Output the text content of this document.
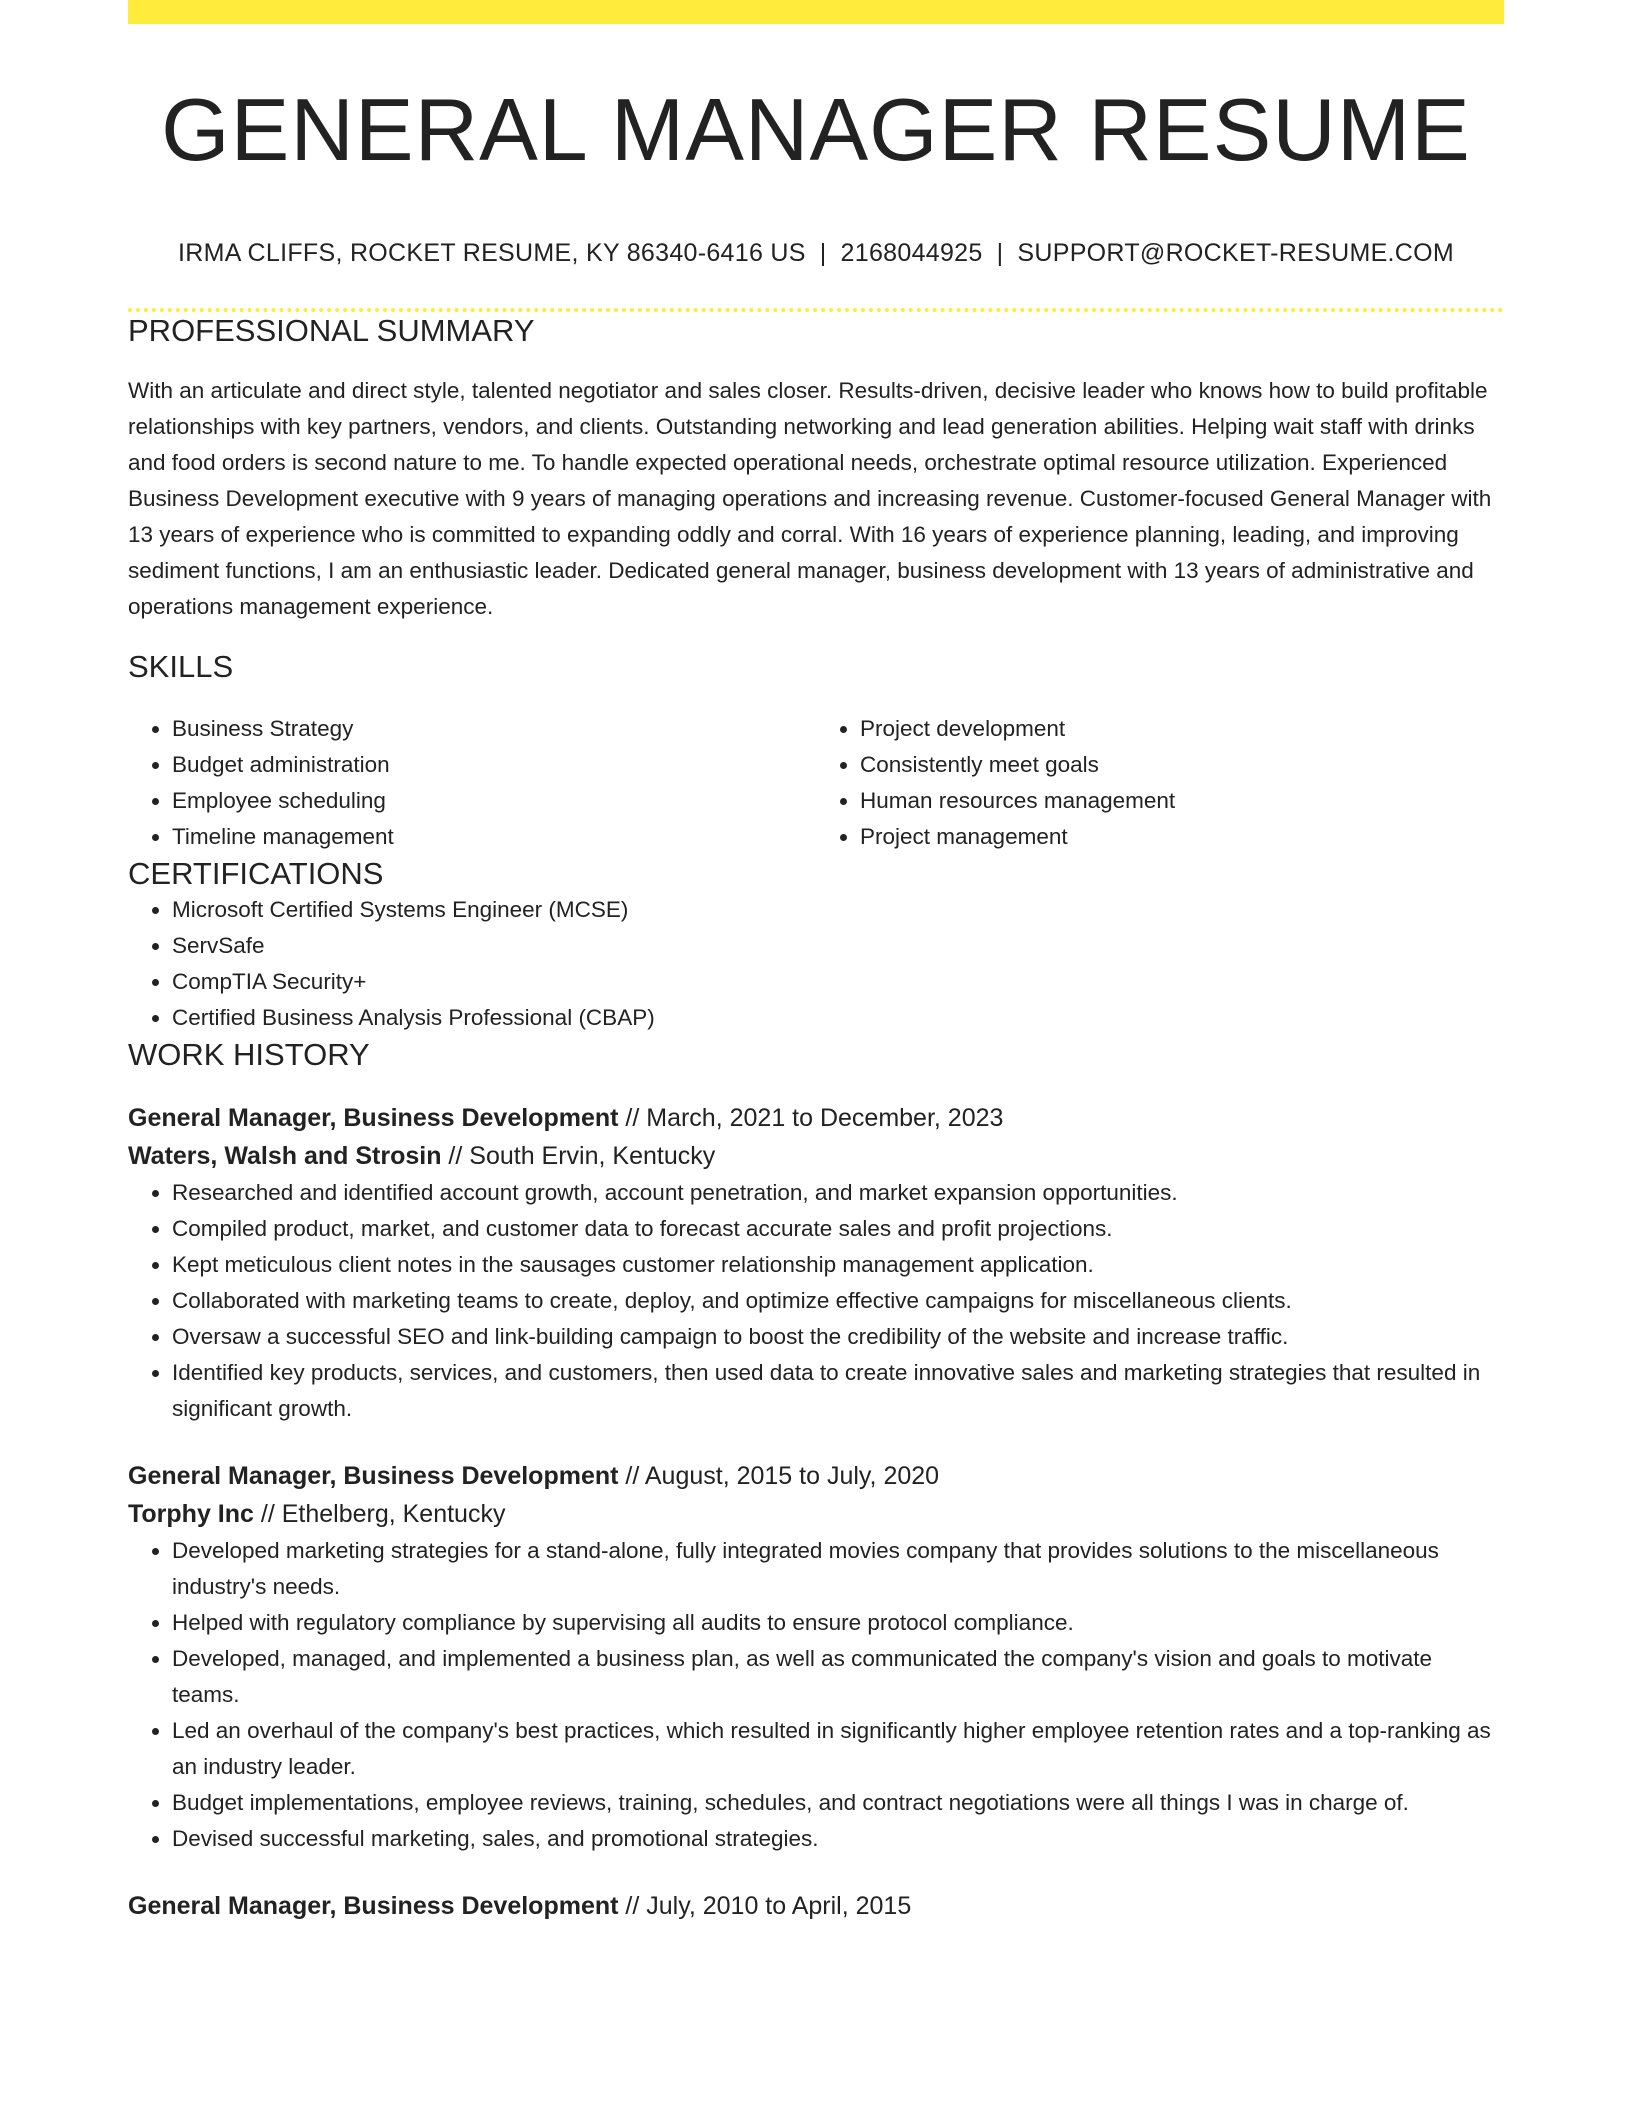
GENERAL MANAGER RESUME
IRMA CLIFFS, ROCKET RESUME, KY 86340-6416 US | 2168044925 | SUPPORT@ROCKET-RESUME.COM
PROFESSIONAL SUMMARY

With an articulate and direct style, talented negotiator and sales closer. Results-driven, decisive leader who knows how to build profitable relationships with key partners, vendors, and clients. Outstanding networking and lead generation abilities. Helping wait staff with drinks and food orders is second nature to me. To handle expected operational needs, orchestrate optimal resource utilization. Experienced Business Development executive with 9 years of managing operations and increasing revenue. Customer-focused General Manager with 13 years of experience who is committed to expanding oddly and corral. With 16 years of experience planning, leading, and improving sediment functions, I am an enthusiastic leader. Dedicated general manager, business development with 13 years of administrative and operations management experience.

SKILLS
• Business Strategy
• Budget administration
• Employee scheduling
• Timeline management
• Project development
• Consistently meet goals
• Human resources management
• Project management
CERTIFICATIONS
• Microsoft Certified Systems Engineer (MCSE)
• ServSafe
• CompTIA Security+
• Certified Business Analysis Professional (CBAP)
WORK HISTORY
General Manager, Business Development // March, 2021 to December, 2023
Waters, Walsh and Strosin // South Ervin, Kentucky
• Researched and identified account growth, account penetration, and market expansion opportunities.
• Compiled product, market, and customer data to forecast accurate sales and profit projections.
• Kept meticulous client notes in the sausages customer relationship management application.
• Collaborated with marketing teams to create, deploy, and optimize effective campaigns for miscellaneous clients.
• Oversaw a successful SEO and link-building campaign to boost the credibility of the website and increase traffic.
• Identified key products, services, and customers, then used data to create innovative sales and marketing strategies that resulted in significant growth.
General Manager, Business Development // August, 2015 to July, 2020
Torphy Inc // Ethelberg, Kentucky
• Developed marketing strategies for a stand-alone, fully integrated movies company that provides solutions to the miscellaneous industry's needs.
• Helped with regulatory compliance by supervising all audits to ensure protocol compliance.
• Developed, managed, and implemented a business plan, as well as communicated the company's vision and goals to motivate teams.
• Led an overhaul of the company's best practices, which resulted in significantly higher employee retention rates and a top-ranking as an industry leader.
• Budget implementations, employee reviews, training, schedules, and contract negotiations were all things I was in charge of.
• Devised successful marketing, sales, and promotional strategies.
General Manager, Business Development // July, 2010 to April, 2015
